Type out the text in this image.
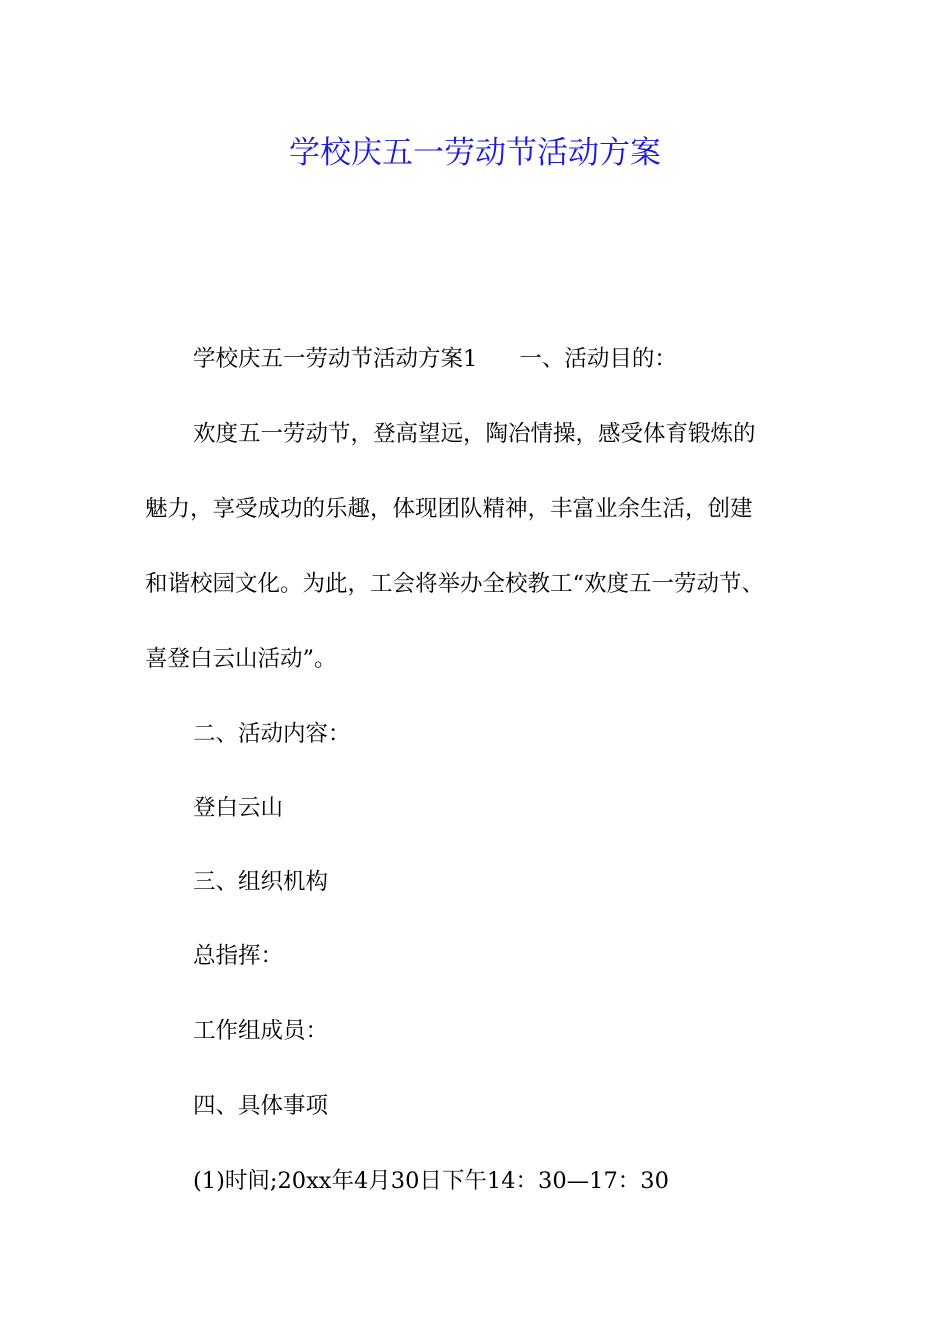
学校庆五一劳动节活动方案

学校庆五一劳动节活动方案1 一、活动目的：

欢度五一劳动节，登高望远，陶冶情操，感受体育锻炼的

魅力，享受成功的乐趣，体现团队精神，丰富业余生活，创建

和谐校园文化。为此，工会将举办全校教工“欢度五一劳动节、

喜登白云山活动”。

二、活动内容：

登白云山

三、组织机构

总指挥：

工作组成员：

四、具体事项

(1)时间;20xx年4月30日下午14：30—17：30
